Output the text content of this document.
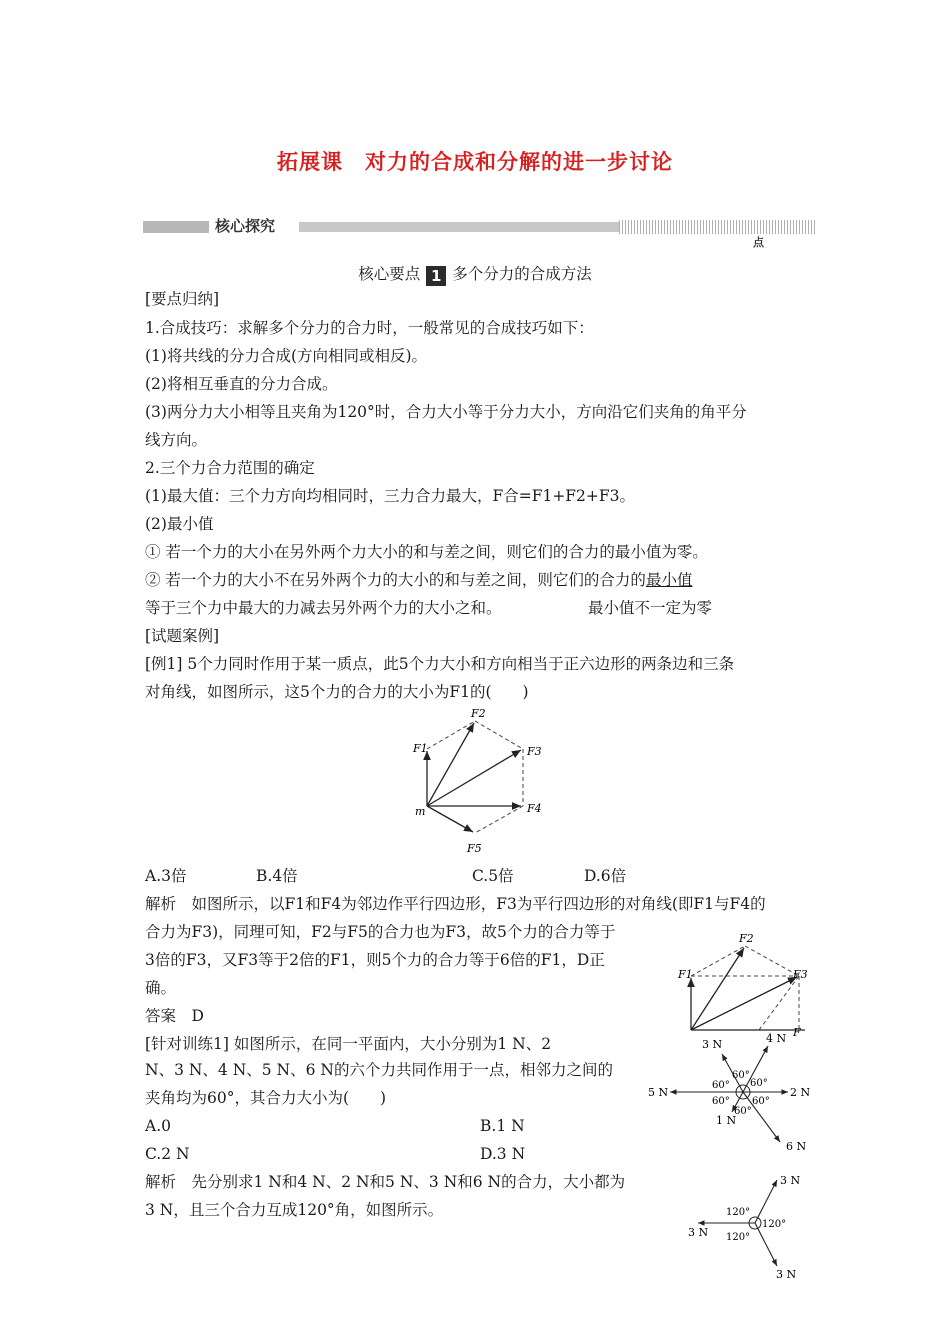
拓展课　对力的合成和分解的进一步讨论
核心探究
点
核心要点 1 多个分力的合成方法
[要点归纳]
1.合成技巧：求解多个分力的合力时，一般常见的合成技巧如下：
(1)将共线的分力合成(方向相同或相反)。
(2)将相互垂直的分力合成。
(3)两分力大小相等且夹角为120°时，合力大小等于分力大小，方向沿它们夹角的角平分
线方向。
2.三个力合力范围的确定
(1)最大值：三个力方向均相同时，三力合力最大，F合=F1+F2+F3。
(2)最小值
① 若一个力的大小在另外两个力大小的和与差之间，则它们的合力的最小值为零。
② 若一个力的大小不在另外两个力的大小的和与差之间，则它们的合力的最小值
等于三个力中最大的力减去另外两个力的大小之和。	最小值不一定为零
[试题案例]
[例1] 5个力同时作用于某一质点，此5个力大小和方向相当于正六边形的两条边和三条
对角线，如图所示，这5个力的合力的大小为F1的(　　)
F1
F2
F3
F4
F5
m
A.3倍	B.4倍	C.5倍	D.6倍
解析　如图所示，以F1和F4为邻边作平行四边形，F3为平行四边形的对角线(即F1与F4的
合力为F3)，同理可知，F2与F5的合力也为F3，故5个力的合力等于
3倍的F3，又F3等于2倍的F1，则5个力的合力等于6倍的F1，D正
确。
答案　D
F1
F2
F3
F
[针对训练1] 如图所示，在同一平面内，大小分别为1 N、2
N、3 N、4 N、5 N、6 N的六个力共同作用于一点，相邻力之间的
夹角均为60°，其合力大小为(　　)	2 N
5 N
3 N	4 N
1 N
6 N
60°
60°
60°
60°
60°
60°
A.0	B.1 N
C.2 N	D.3 N
解析　先分别求1 N和4 N、2 N和5 N、3 N和6 N的合力，大小都为
3 N，且三个合力互成120°角，如图所示。
3 N
3 N
3 N
120°
120°
120°
